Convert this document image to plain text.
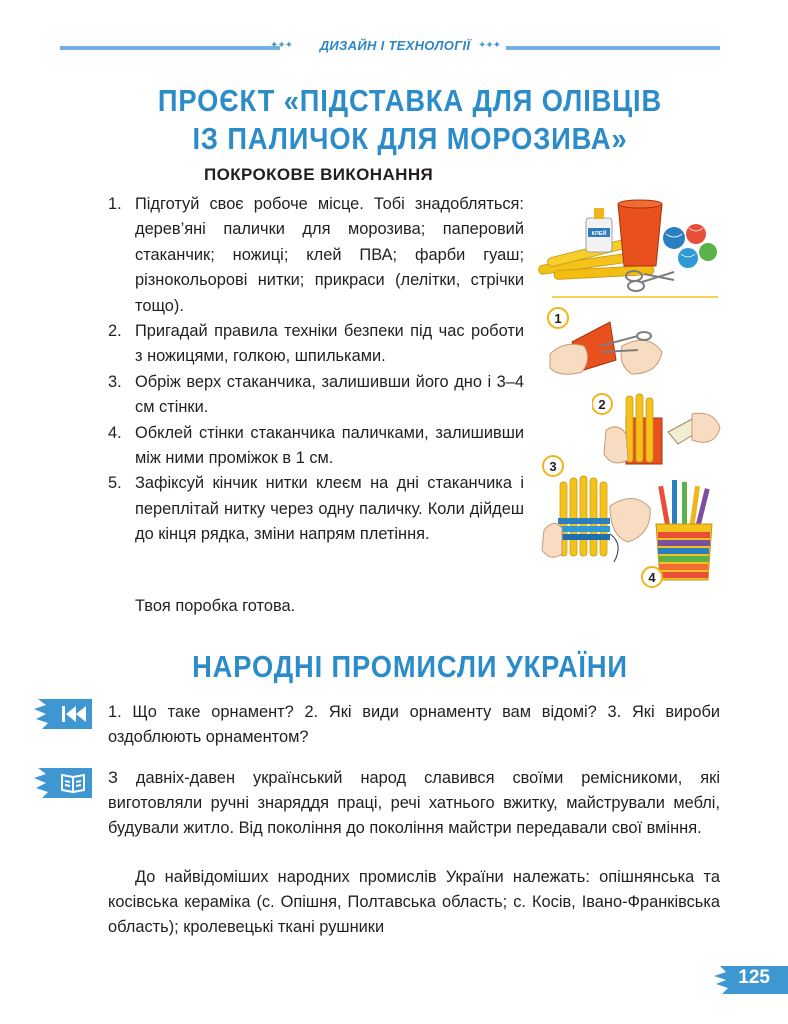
✦✦✦	ДИЗАЙН І ТЕХНОЛОГІЇ ✦✦✦
ПРОЄКТ «ПІДСТАВКА ДЛЯ ОЛІВЦІВ
ІЗ ПАЛИЧОК ДЛЯ МОРОЗИВА»
ПОКРОКОВЕ ВИКОНАННЯ
1. Підготуй своє робоче місце. Тобі знадобляться: дерев’яні палички для морозива; паперовий стаканчик; ножиці; клей ПВА; фарби гуаш; різнокольорові нитки; прикраси (лелітки, стрічки тощо).
2. Пригадай правила техніки безпеки під час роботи з ножицями, голкою, шпильками.
3. Обріж верх стаканчика, залишивши його дно і 3–4 см стінки.
4. Обклей стінки стаканчика паличками, залишивши між ними проміжок в 1 см.
5. Зафіксуй кінчик нитки клеєм на дні стаканчика і переплітай нитку через одну паличку. Коли дійдеш до кінця рядка, зміни напрям плетіння.
Твоя поробка готова.
КЛЕЙ
1
2
3
4
НАРОДНІ ПРОМИСЛИ УКРАЇНИ
1. Що таке орнамент? 2. Які види орнаменту вам відомі? 3. Які вироби оздоблюють орнаментом?
З давніх-давен український народ славився своїми ремісникоми, які виготовляли ручні знаряддя праці, речі хатнього вжитку, майстрували меблі, будували житло. Від покоління до покоління майстри передавали свої вміння.
До найвідоміших народних промислів України належать: опішнянська та косівська кераміка (с. Опішня, Полтавська область; с. Косів, Івано-Франківська область); кролевецькі ткані рушники
125
